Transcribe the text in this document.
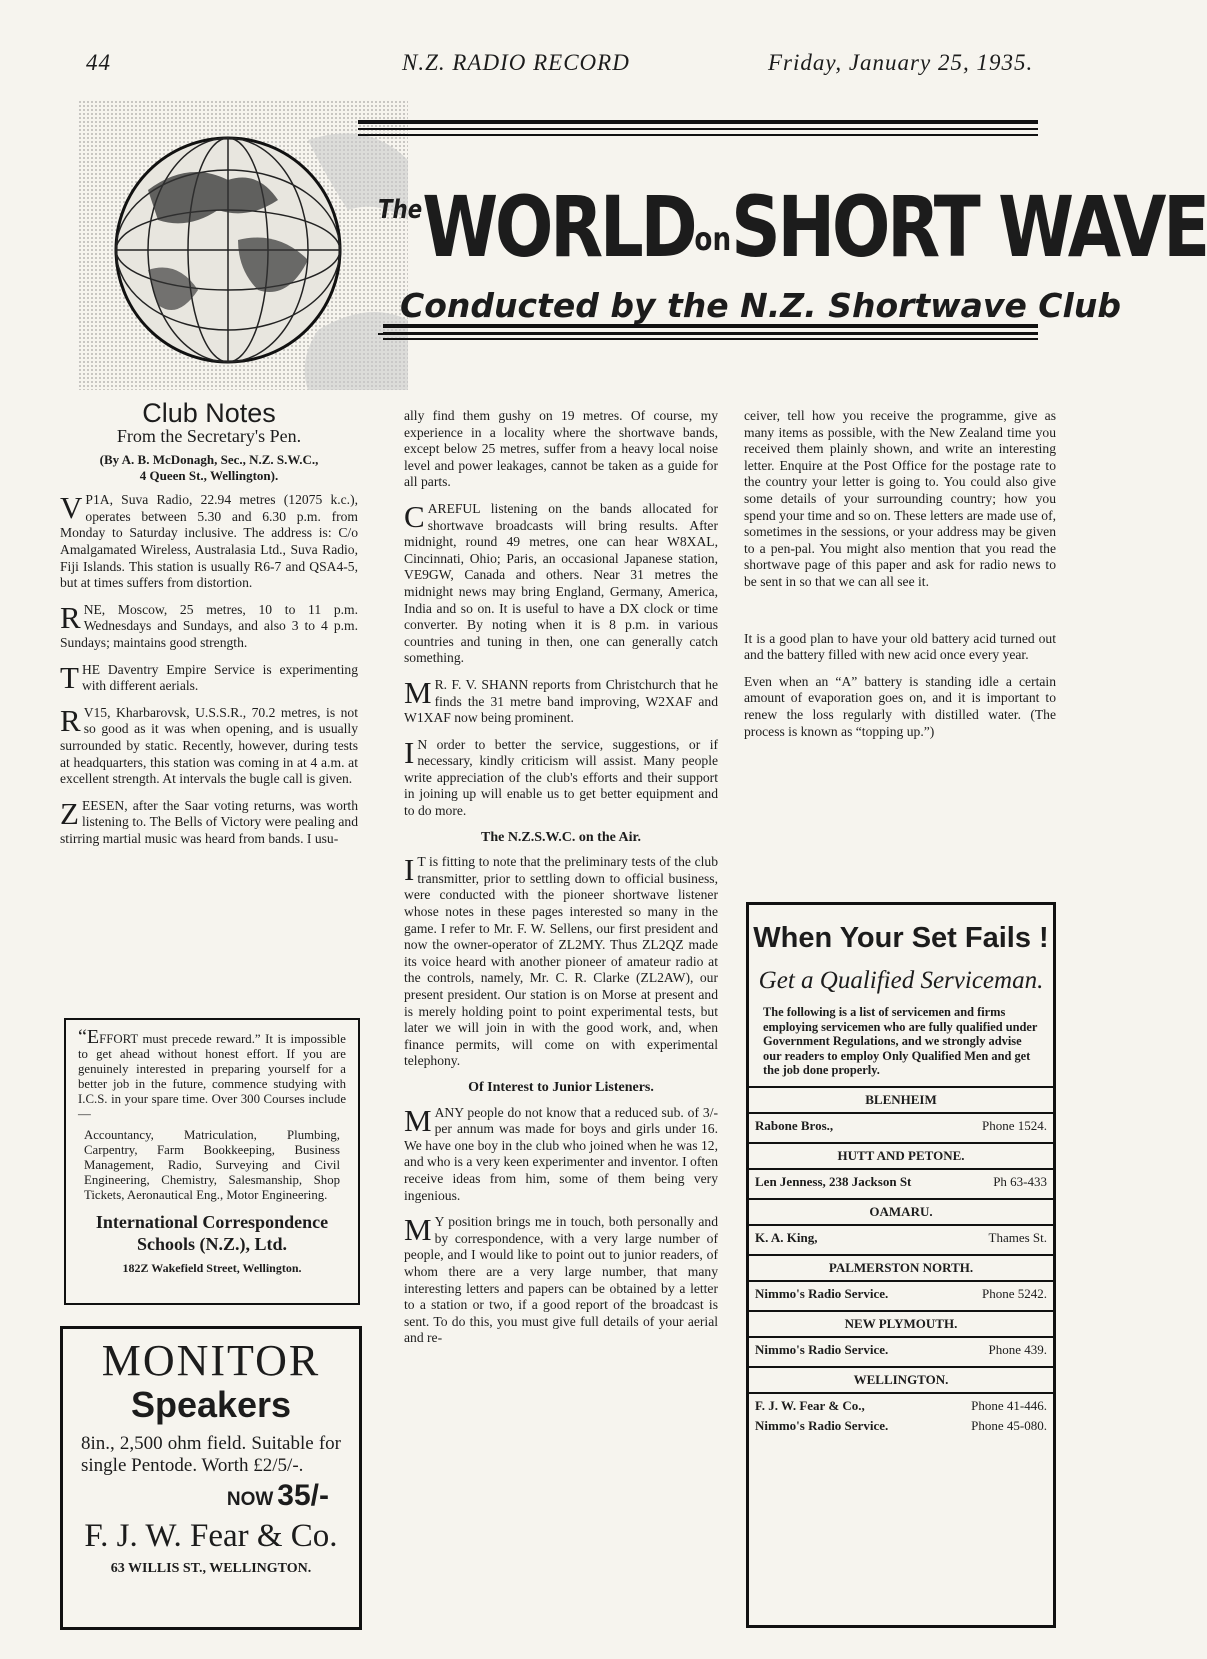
44	N.Z. RADIO RECORD	Friday, January 25, 1935.
$^{The}$WORLDonSHORT WAVE
Conducted by the N.Z. Shortwave Club
Club Notes
From the Secretary's Pen.
(By A. B. McDonagh, Sec., N.Z. S.W.C.,
4 Queen St., Wellington).

V P1A, Suva Radio, 22.94 metres (12075 k.c.), operates between 5.30 and 6.30 p.m. from Monday to Saturday inclusive. The address is: C/o Amalgamated Wireless, Australasia Ltd., Suva Radio, Fiji Islands. This station is usually R6-7 and QSA4-5, but at times suffers from distortion.

RNE, Moscow, 25 metres, 10 to 11 p.m. Wednesdays and Sundays, and also 3 to 4 p.m. Sundays; maintains good strength.

THE Daventry Empire Service is experimenting with different aerials.

R V15, Kharbarovsk, U.S.S.R., 70.2 metres, is not so good as it was when opening, and is usually surrounded by static. Recently, however, during tests at headquarters, this station was coming in at 4 a.m. at excellent strength. At intervals the bugle call is given.

ZEESEN, after the Saar voting returns, was worth listening to. The Bells of Victory were pealing and stirring martial music was heard from bands. I usu-

“EFFORT must precede reward.” It is impossible to get ahead without honest effort. If you are genuinely interested in preparing yourself for a better job in the future, commence studying with I.C.S. in your spare time. Over 300 Courses include—

Accountancy, Matriculation, Plumbing, Carpentry, Farm Bookkeeping, Business Management, Radio, Surveying and Civil Engineering, Chemistry, Salesmanship, Shop Tickets, Aeronautical Eng., Motor Engineering.

International Correspondence Schools (N.Z.), Ltd.
182Z Wakefield Street, Wellington.
MONITOR
Speakers
8in., 2,500 ohm field. Suitable for single Pentode. Worth £2/5/-.
NOW 35/-
F. J. W. Fear & Co.
63 WILLIS ST., WELLINGTON.

ally find them gushy on 19 metres. Of course, my experience in a locality where the shortwave bands, except below 25 metres, suffer from a heavy local noise level and power leakages, cannot be taken as a guide for all parts.

CAREFUL listening on the bands allocated for shortwave broadcasts will bring results. After midnight, round 49 metres, one can hear W8XAL, Cincinnati, Ohio; Paris, an occasional Japanese station, VE9GW, Canada and others. Near 31 metres the midnight news may bring England, Germany, America, India and so on. It is useful to have a DX clock or time converter. By noting when it is 8 p.m. in various countries and tuning in then, one can generally catch something.

M R. F. V. SHANN reports from Christchurch that he finds the 31 metre band improving, W2XAF and W1XAF now being prominent.

I N order to better the service, suggestions, or if necessary, kindly criticism will assist. Many people write appreciation of the club's efforts and their support in joining up will enable us to get better equipment and to do more.

The N.Z.S.W.C. on the Air.

I T is fitting to note that the preliminary tests of the club transmitter, prior to settling down to official business, were conducted with the pioneer shortwave listener whose notes in these pages interested so many in the game. I refer to Mr. F. W. Sellens, our first president and now the owner-operator of ZL2MY. Thus ZL2QZ made its voice heard with another pioneer of amateur radio at the controls, namely, Mr. C. R. Clarke (ZL2AW), our present president. Our station is on Morse at present and is merely holding point to point experimental tests, but later we will join in with the good work, and, when finance permits, will come on with experimental telephony.

Of Interest to Junior Listeners.

MANY people do not know that a reduced sub. of 3/- per annum was made for boys and girls under 16. We have one boy in the club who joined when he was 12, and who is a very keen experimenter and inventor. I often receive ideas from him, some of them being very ingenious.

M Y position brings me in touch, both personally and by correspondence, with a very large number of people, and I would like to point out to junior readers, of whom there are a very large number, that many interesting letters and papers can be obtained by a letter to a station or two, if a good report of the broadcast is sent. To do this, you must give full details of your aerial and re-

ceiver, tell how you receive the programme, give as many items as possible, with the New Zealand time you received them plainly shown, and write an interesting letter. Enquire at the Post Office for the postage rate to the country your letter is going to. You could also give some details of your surrounding country; how you spend your time and so on. These letters are made use of, sometimes in the sessions, or your address may be given to a pen-pal. You might also mention that you read the shortwave page of this paper and ask for radio news to be sent in so that we can all see it.

It is a good plan to have your old battery acid turned out and the battery filled with new acid once every year.

Even when an “A” battery is standing idle a certain amount of evaporation goes on, and it is important to renew the loss regularly with distilled water. (The process is known as “topping up.”)

When Your Set Fails !
Get a Qualified Serviceman.
The following is a list of servicemen and firms employing servicemen who are fully qualified under Government Regulations, and we strongly advise our readers to employ Only Qualified Men and get the job done properly.
BLENHEIM
Rabone Bros.,	Phone 1524.
HUTT AND PETONE.
Len Jenness, 238 Jackson St	Ph 63-433
OAMARU.
K. A. King,	Thames St.
PALMERSTON NORTH.
Nimmo's Radio Service.	Phone 5242.
NEW PLYMOUTH.
Nimmo's Radio Service.	Phone 439.
WELLINGTON.
F. J. W. Fear & Co.,	Phone 41-446.
Nimmo's Radio Service.	Phone 45-080.
